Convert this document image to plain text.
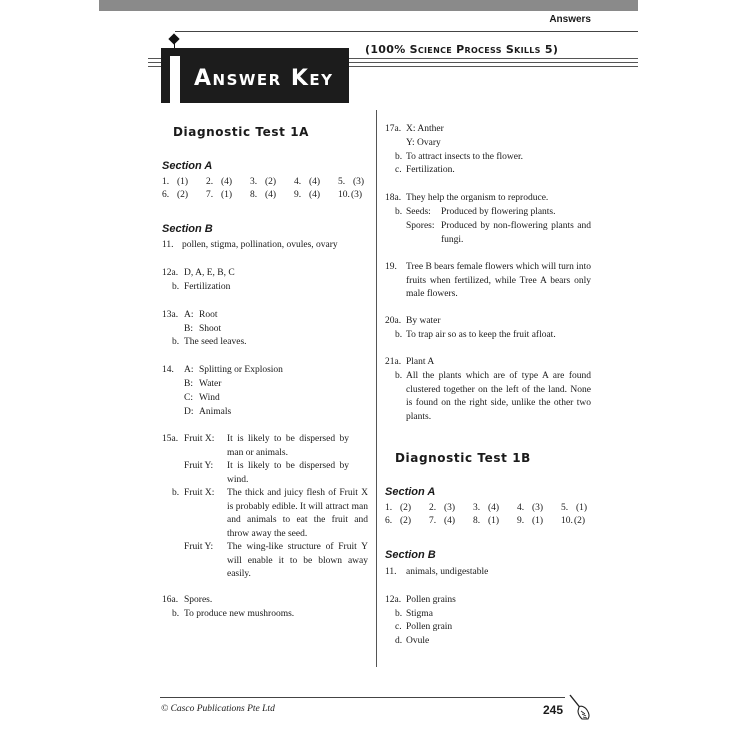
Answers
(100% Science Process Skills 5)
Answer Key
Diagnostic Test 1A
Section A
1. (1) 2. (4) 3. (2) 4. (4) 5. (3)
6. (2) 7. (1) 8. (4) 9. (4) 10. (3)
Section B
11. pollen, stigma, pollination, ovules, ovary
12a. D, A, E, B, C
b. Fertilization
13a. A: Root
B: Shoot
b. The seed leaves.
14. A: Splitting or Explosion
B: Water
C: Wind
D: Animals
15a. Fruit X: It is likely to be dispersed by man or animals.
Fruit Y: It is likely to be dispersed by wind.
b. Fruit X: The thick and juicy flesh of Fruit X is probably edible. It will attract man and animals to eat the fruit and throw away the seed.
Fruit Y: The wing-like structure of Fruit Y will enable it to be blown away easily.
16a. Spores.
b. To produce new mushrooms.
17a. X: Anther
Y: Ovary
b. To attract insects to the flower.
c. Fertilization.
18a. They help the organism to reproduce.
b. Seeds: Produced by flowering plants.
Spores: Produced by non-flowering plants and fungi.
19. Tree B bears female flowers which will turn into fruits when fertilized, while Tree A bears only male flowers.
20a. By water
b. To trap air so as to keep the fruit afloat.
21a. Plant A
b. All the plants which are of type A are found clustered together on the left of the land. None is found on the right side, unlike the other two plants.
Diagnostic Test 1B
Section A
1. (2) 2. (3) 3. (4) 4. (3) 5. (1)
6. (2) 7. (4) 8. (1) 9. (1) 10. (2)
Section B
11. animals, undigestable
12a. Pollen grains
b. Stigma
c. Pollen grain
d. Ovule
© Casco Publications Pte Ltd	245
